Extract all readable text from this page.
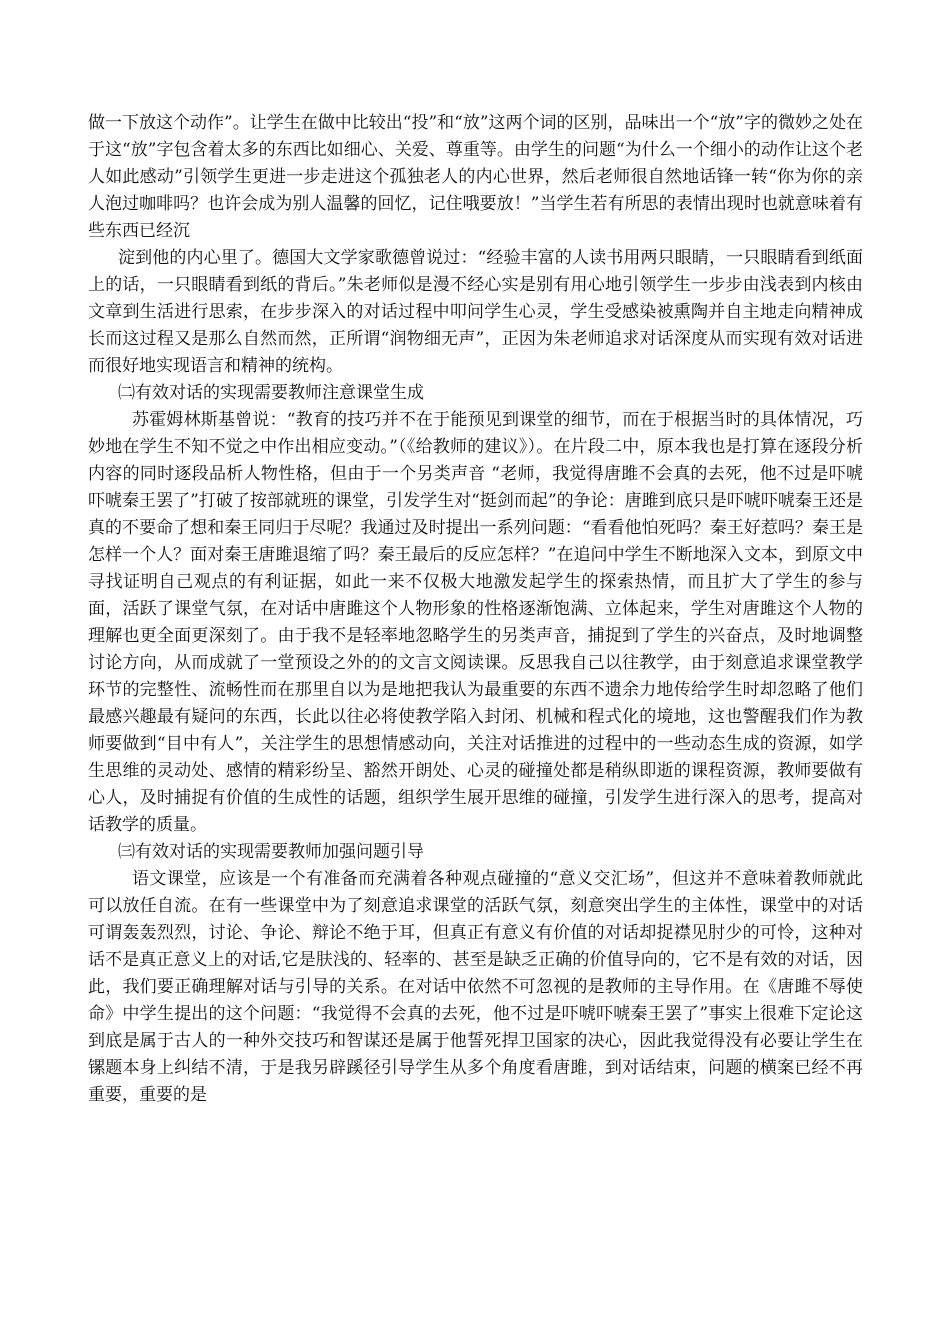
做一下放这个动作”。让学生在做中比较出“投”和“放”这两个词的区别，品味出一个“放”字的微妙之处在于这“放”字包含着太多的东西比如细心、关爱、尊重等。由学生的问题“为什么一个细小的动作让这个老人如此感动”引领学生更进一步走进这个孤独老人的内心世界，然后老师很自然地话锋一转“你为你的亲人泡过咖啡吗？也许会成为别人温馨的回忆，记住哦要放！”当学生若有所思的表情出现时也就意味着有些东西已经沉

淀到他的内心里了。德国大文学家歌德曾说过：“经验丰富的人读书用两只眼睛，一只眼睛看到纸面上的话，一只眼睛看到纸的背后。”朱老师似是漫不经心实是别有用心地引领学生一步步由浅表到内核由文章到生活进行思索，在步步深入的对话过程中叩问学生心灵，学生受感染被熏陶并自主地走向精神成长而这过程又是那么自然而然，正所谓“润物细无声”，正因为朱老师追求对话深度从而实现有效对话进而很好地实现语言和精神的统构。

㈡有效对话的实现需要教师注意课堂生成

苏霍姆林斯基曾说：“教育的技巧并不在于能预见到课堂的细节，而在于根据当时的具体情况，巧妙地在学生不知不觉之中作出相应变动。”（《给教师的建议》）。在片段二中，原本我也是打算在逐段分析内容的同时逐段品析人物性格，但由于一个另类声音 “老师，我觉得唐雎不会真的去死，他不过是吓唬吓唬秦王罢了”打破了按部就班的课堂，引发学生对“挺剑而起”的争论：唐雎到底只是吓唬吓唬秦王还是真的不要命了想和秦王同归于尽呢？我通过及时提出一系列问题：“看看他怕死吗？秦王好惹吗？秦王是怎样一个人？面对秦王唐雎退缩了吗？秦王最后的反应怎样？”在追问中学生不断地深入文本，到原文中寻找证明自己观点的有利证据，如此一来不仅极大地激发起学生的探索热情，而且扩大了学生的参与面，活跃了课堂气氛，在对话中唐雎这个人物形象的性格逐渐饱满、立体起来，学生对唐雎这个人物的理解也更全面更深刻了。由于我不是轻率地忽略学生的另类声音，捕捉到了学生的兴奋点，及时地调整讨论方向，从而成就了一堂预设之外的的文言文阅读课。反思我自己以往教学，由于刻意追求课堂教学环节的完整性、流畅性而在那里自以为是地把我认为最重要的东西不遗余力地传给学生时却忽略了他们最感兴趣最有疑问的东西，长此以往必将使教学陷入封闭、机械和程式化的境地，这也警醒我们作为教师要做到“目中有人”，关注学生的思想情感动向，关注对话推进的过程中的一些动态生成的资源，如学生思维的灵动处、感情的精彩纷呈、豁然开朗处、心灵的碰撞处都是稍纵即逝的课程资源，教师要做有心人，及时捕捉有价值的生成性的话题，组织学生展开思维的碰撞，引发学生进行深入的思考，提高对话教学的质量。

㈢有效对话的实现需要教师加强问题引导

语文课堂，应该是一个有准备而充满着各种观点碰撞的“意义交汇场”，但这并不意味着教师就此可以放任自流。在有一些课堂中为了刻意追求课堂的活跃气氛，刻意突出学生的主体性，课堂中的对话可谓轰轰烈烈，讨论、争论、辩论不绝于耳，但真正有意义有价值的对话却捉襟见肘少的可怜，这种对话不是真正意义上的对话,它是肤浅的、轻率的、甚至是缺乏正确的价值导向的，它不是有效的对话，因此，我们要正确理解对话与引导的关系。在对话中依然不可忽视的是教师的主导作用。在《唐雎不辱使命》中学生提出的这个问题：“我觉得不会真的去死，他不过是吓唬吓唬秦王罢了”事实上很难下定论这到底是属于古人的一种外交技巧和智谋还是属于他誓死捍卫国家的决心，因此我觉得没有必要让学生在镙题本身上纠结不清，于是我另辟蹊径引导学生从多个角度看唐雎，到对话结束，问题的横案已经不再重要，重要的是
